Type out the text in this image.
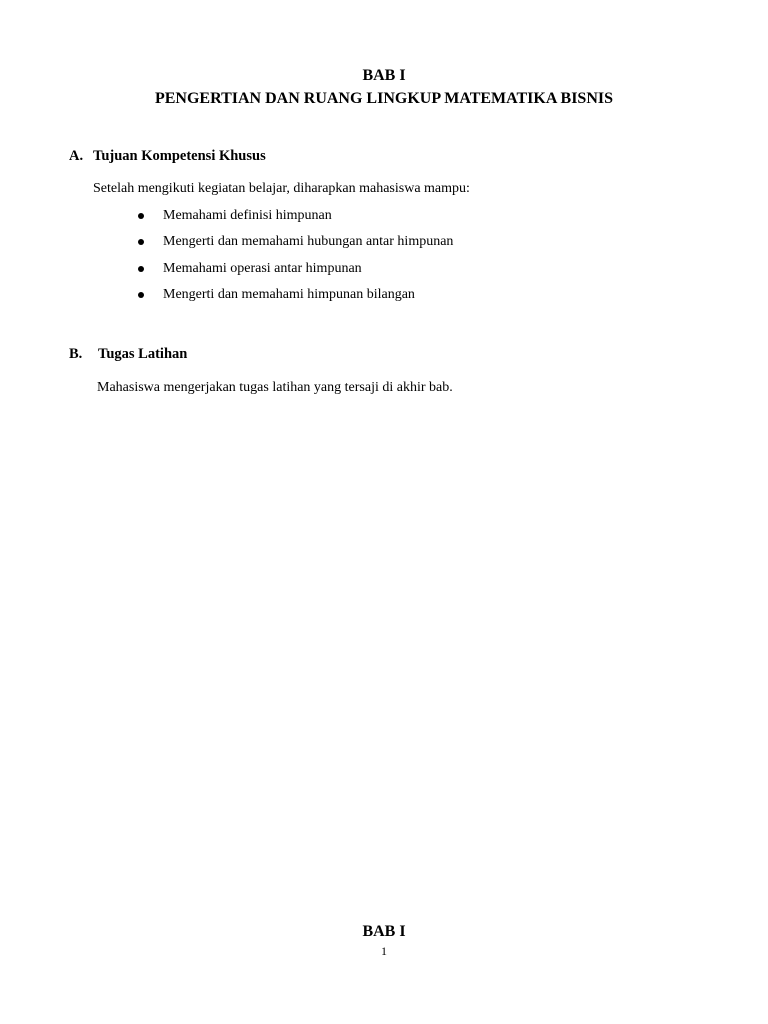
BAB I
PENGERTIAN DAN RUANG LINGKUP MATEMATIKA BISNIS
A. Tujuan Kompetensi Khusus
Setelah mengikuti kegiatan belajar, diharapkan mahasiswa mampu:
Memahami definisi himpunan
Mengerti dan memahami hubungan antar himpunan
Memahami operasi antar himpunan
Mengerti dan memahami himpunan bilangan
B. Tugas Latihan
Mahasiswa mengerjakan tugas latihan yang tersaji di akhir bab.
BAB I
1
